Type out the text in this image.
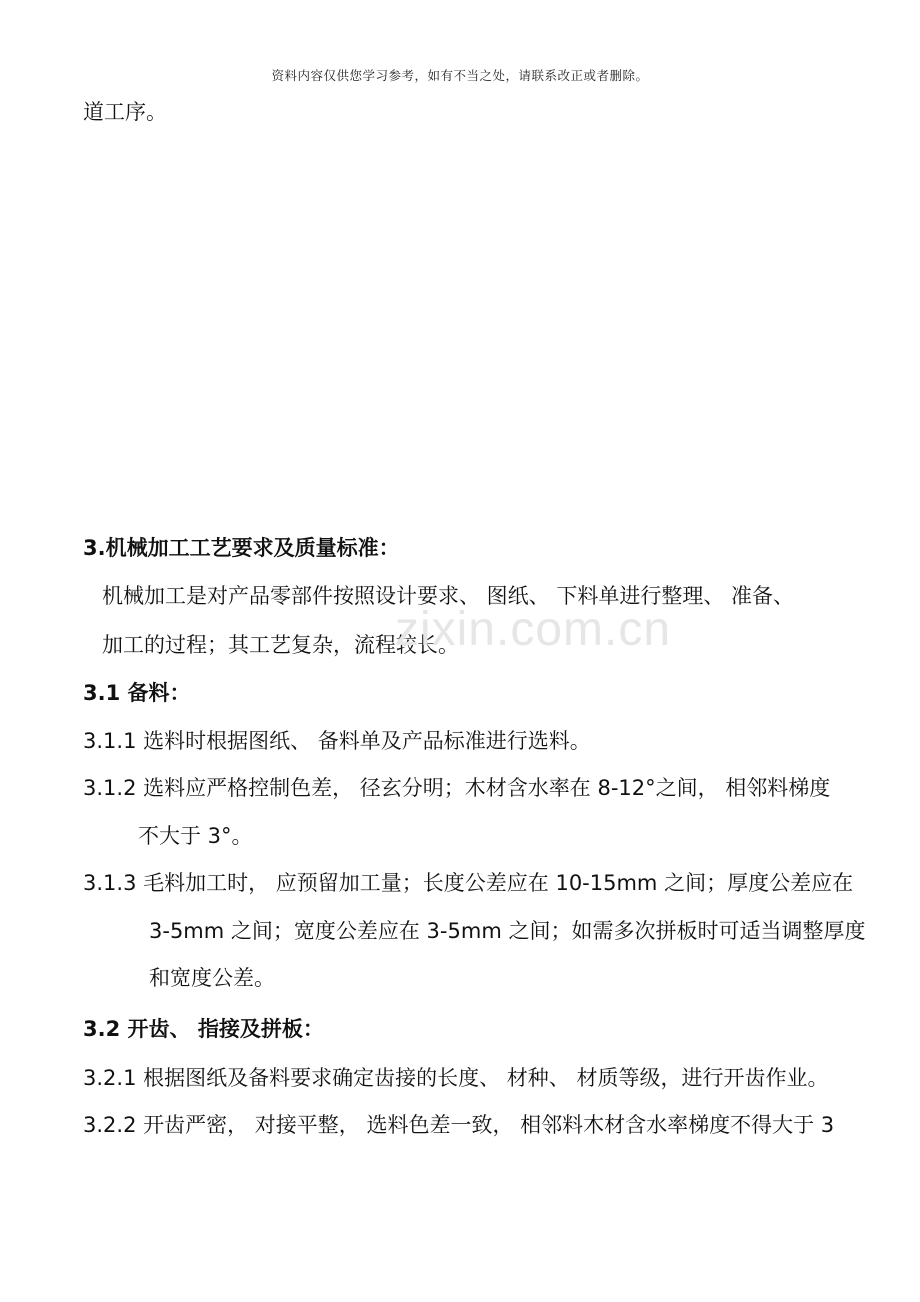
资料内容仅供您学习参考，如有不当之处，请联系改正或者删除。
道工序。
3.机械加工工艺要求及质量标准：
机械加工是对产品零部件按照设计要求、 图纸、 下料单进行整理、 准备、
加工的过程；其工艺复杂，流程较长。
3.1 备料：
3.1.1 选料时根据图纸、 备料单及产品标准进行选料。
3.1.2 选料应严格控制色差， 径玄分明；木材含水率在 8-12°之间， 相邻料梯度
不大于 3°。
3.1.3 毛料加工时， 应预留加工量；长度公差应在 10-15mm 之间；厚度公差应在
3-5mm 之间；宽度公差应在 3-5mm 之间；如需多次拼板时可适当调整厚度
和宽度公差。
3.2 开齿、 指接及拼板：
3.2.1 根据图纸及备料要求确定齿接的长度、 材种、 材质等级，进行开齿作业。
3.2.2 开齿严密， 对接平整， 选料色差一致， 相邻料木材含水率梯度不得大于 3
zixin.com.cn
